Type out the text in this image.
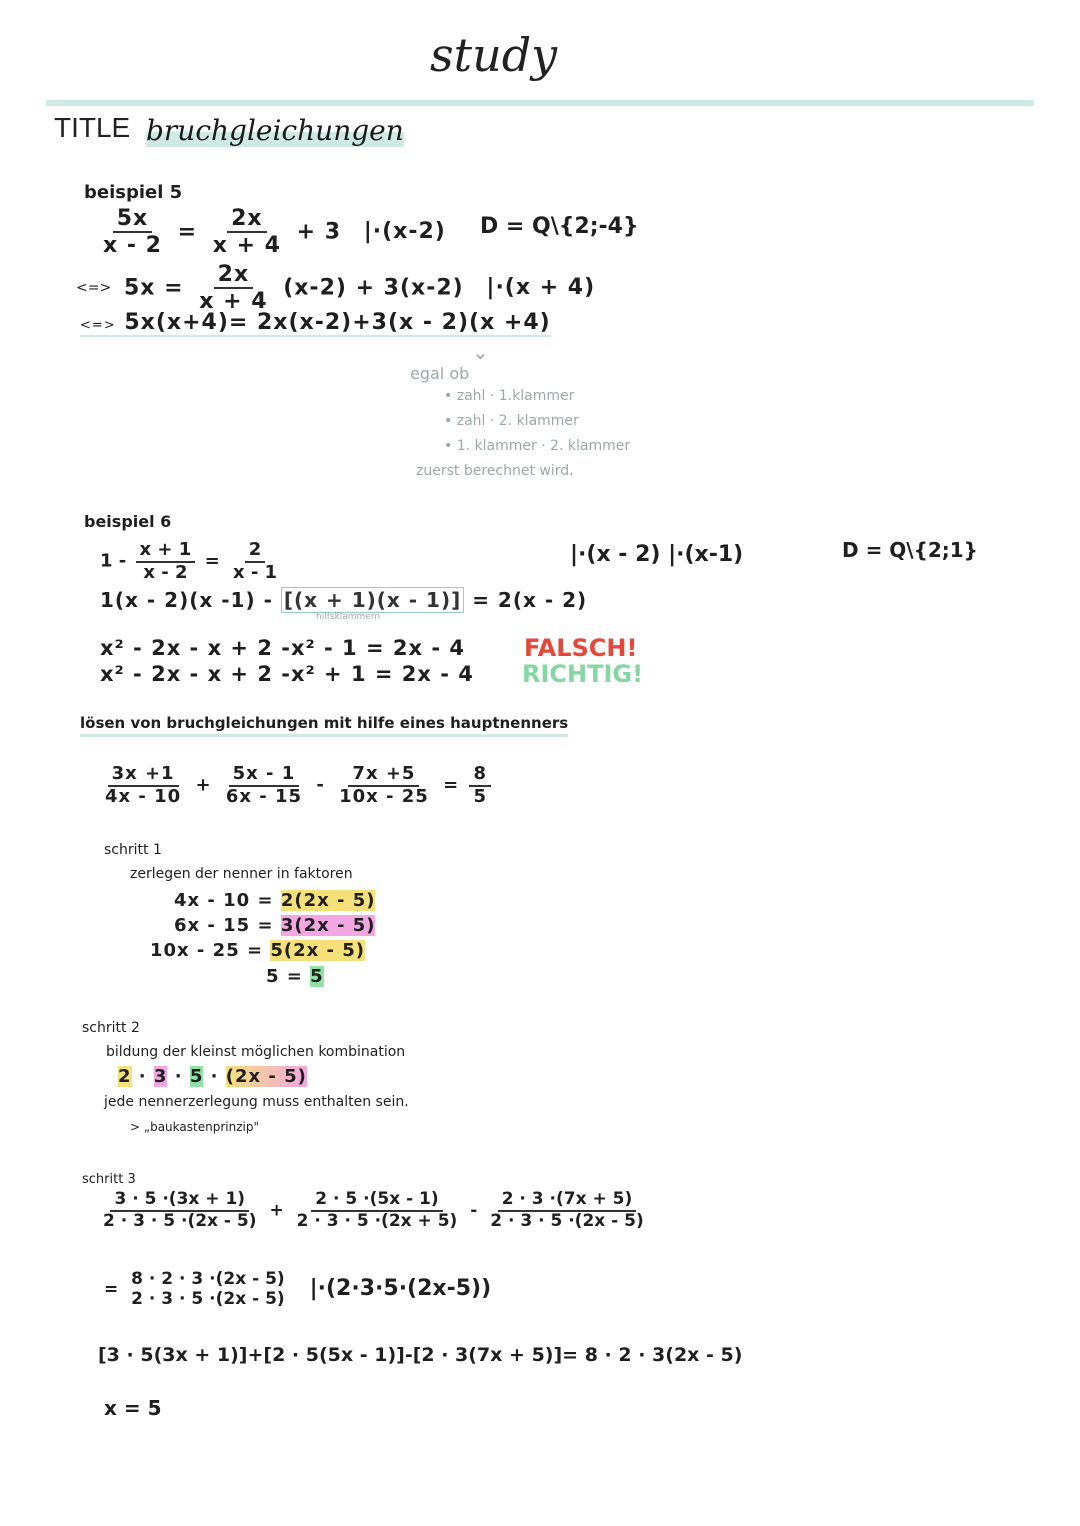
study
TITLE bruchgleichungen
beispiel 5
$\frac{5x}{x - 2} = \frac{2x}{x + 4} + 3$ |·(x-2) D = Q\{2;-4}
<=> $5x = \frac{2x}{x + 4} (x-2) + 3(x-2) |\cdot(x + 4)$
<=> 5x(x+4)= 2x(x-2)+3(x - 2)(x +4)
⌄
egal ob
• zahl · 1.klammer
• zahl · 2. klammer
• 1. klammer · 2. klammer
zuerst berechnet wird.
beispiel 6
$1 - \frac{x + 1}{x - 2} = \frac{2}{x - 1}$	|·(x - 2) |·(x-1)	D = Q\{2;1}
1(x - 2)(x -1) - [(x + 1)(x - 1)] = 2(x - 2)
hilfsklammern
x² - 2x - x + 2 -x² - 1 = 2x - 4 FALSCH!
x² - 2x - x + 2 -x² + 1 = 2x - 4 RICHTIG!
lösen von bruchgleichungen mit hilfe eines hauptnenners
$\frac{3x +1}{4x - 10} + \frac{5x - 1}{6x - 15} - \frac{7x +5}{10x - 25} = \frac{8}{5}$
schritt 1
zerlegen der nenner in faktoren
4x - 10 = 2(2x - 5)
6x - 15 = 3(2x - 5)
10x - 25 = 5(2x - 5)
5 = 5
schritt 2
bildung der kleinst möglichen kombination
2 · 3 · 5 · (2x - 5)
jede nennerzerlegung muss enthalten sein.
> „baukastenprinzip"
schritt 3
$\frac{3 \cdot 5 \cdot(3x + 1)}{2 \cdot 3 \cdot 5 \cdot(2x - 5)} + \frac{2 \cdot 5 \cdot(5x - 1)}{2 \cdot 3 \cdot 5 \cdot(2x + 5)} - \frac{2 \cdot 3 \cdot(7x + 5)}{2 \cdot 3 \cdot 5 \cdot(2x - 5)}$
=
8 · 2 · 3 ·(2x - 5)
2 · 3 · 5 ·(2x - 5) |·(2·3·5·(2x-5))
[3 · 5(3x + 1)]+[2 · 5(5x - 1)]-[2 · 3(7x + 5)]= 8 · 2 · 3(2x - 5)
x = 5
